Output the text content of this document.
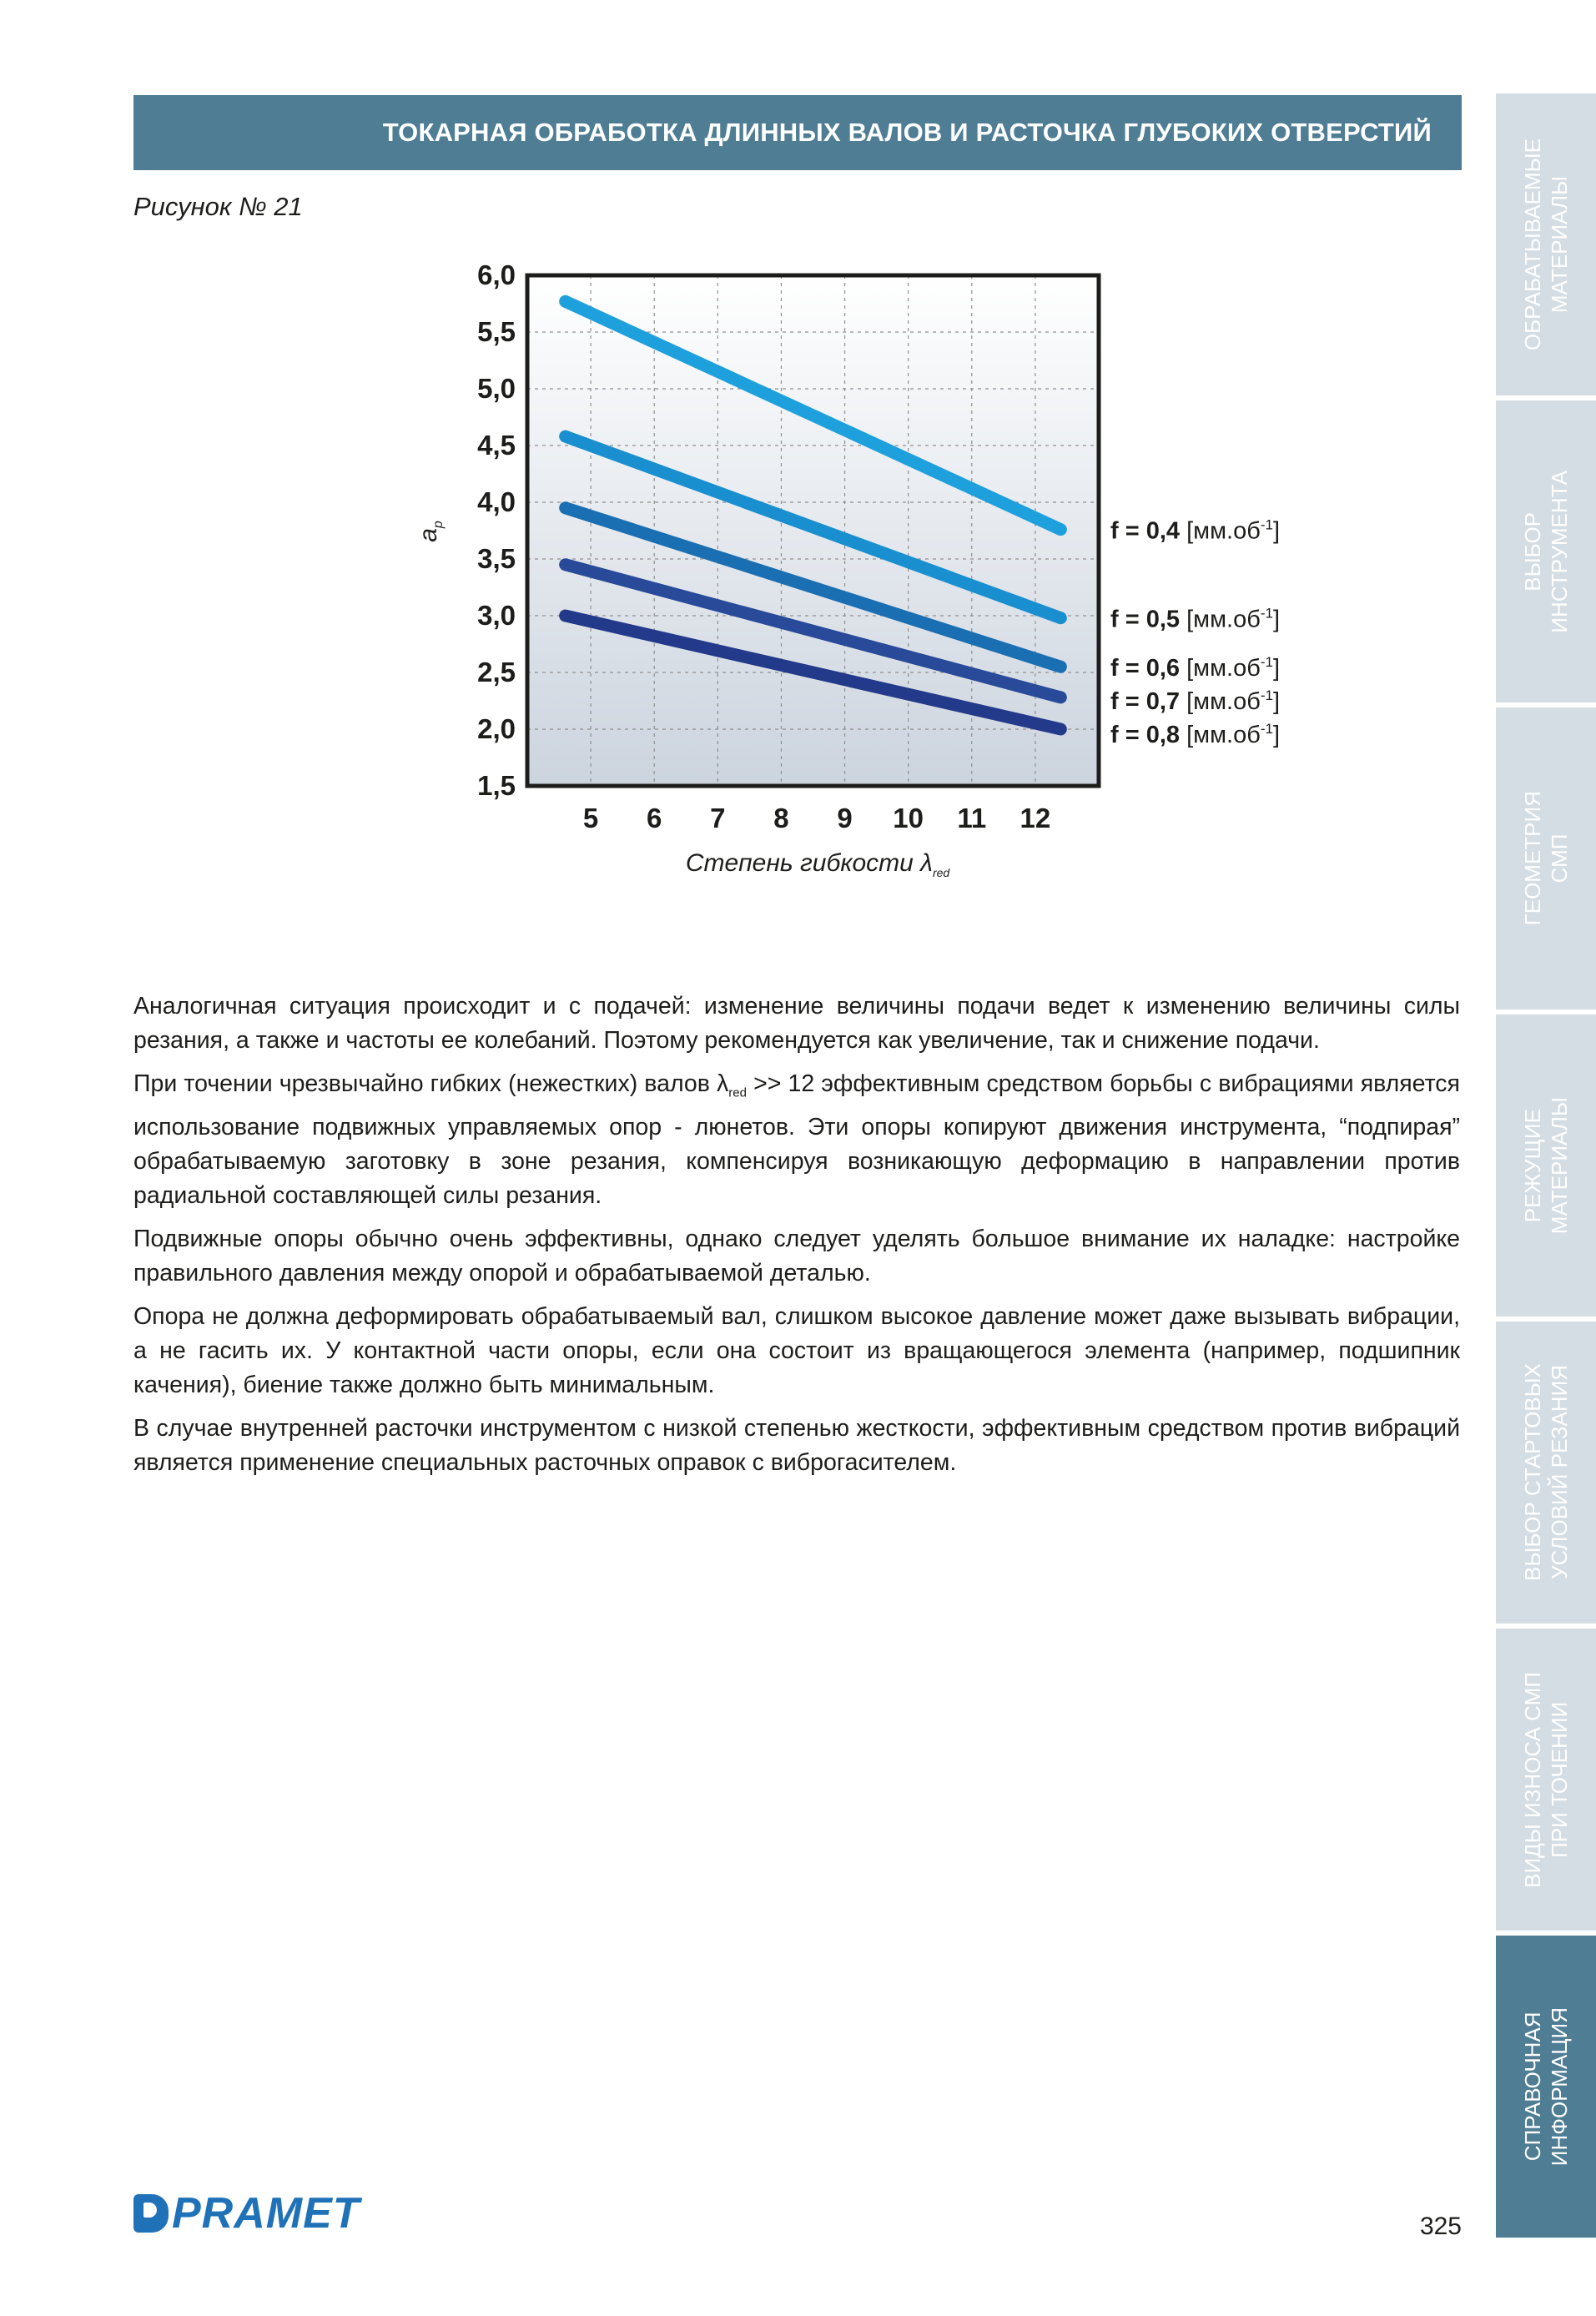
ТОКАРНАЯ ОБРАБОТКА ДЛИННЫХ ВАЛОВ И РАСТОЧКА ГЛУБОКИХ ОТВЕРСТИЙ
Рисунок № 21
1,5
2,0
2,5
3,0
3,5
4,0
4,5
5,0
5,5
6,0
5 6 7 8 9 10 11 12
f = 0,4 $[мм.об^{-1}]$
f = 0,5 $[мм.об^{-1}]$
f = 0,6 $[мм.об^{-1}]$
f = 0,7 $[мм.об^{-1}]$
f = 0,8 $[мм.об^{-1}]$
$a_p$
Степень гибкости $\lambda_{red}$

Аналогичная ситуация происходит и с подачей: изменение величины подачи ведет к изменению величины силы резания, а также и частоты ее колебаний. Поэтому рекомендуется как увеличение, так и снижение подачи.

При точении чрезвычайно гибких (нежестких) валов $\lambda_{red} >> 12$ эффективным средством борьбы с вибрациями является использование подвижных управляемых опор - люнетов. Эти опоры копируют движения инструмента, “подпирая” обрабатываемую заготовку в зоне резания, компенсируя возникающую деформацию в направлении против радиальной составляющей силы резания.

Подвижные опоры обычно очень эффективны, однако следует уделять большое внимание их наладке: настройке правильного давления между опорой и обрабатываемой деталью.

Опора не должна деформировать обрабатываемый вал, слишком высокое давление может даже вызывать вибрации, а не гасить их. У контактной части опоры, если она состоит из вращающегося элемента (например, подшипник качения), биение также должно быть минимальным.

В случае внутренней расточки инструментом с низкой степенью жесткости, эффективным средством против вибраций является применение специальных расточных оправок с виброгасителем.

ОБРАБАТЫВАЕМЫЕ
МАТЕРИАЛЫ
ВЫБОР
ИНСТРУМЕНТА
ГЕОМЕТРИЯ
СМП
РЕЖУЩИЕ
МАТЕРИАЛЫ
ВЫБОР СТАРТОВЫХ
УСЛОВИЙ РЕЗАНИЯ
ВИДЫ ИЗНОСА СМП
ПРИ ТОЧЕНИИ
СПРАВОЧНАЯ
ИНФОРМАЦИЯ
PRAMET	325
